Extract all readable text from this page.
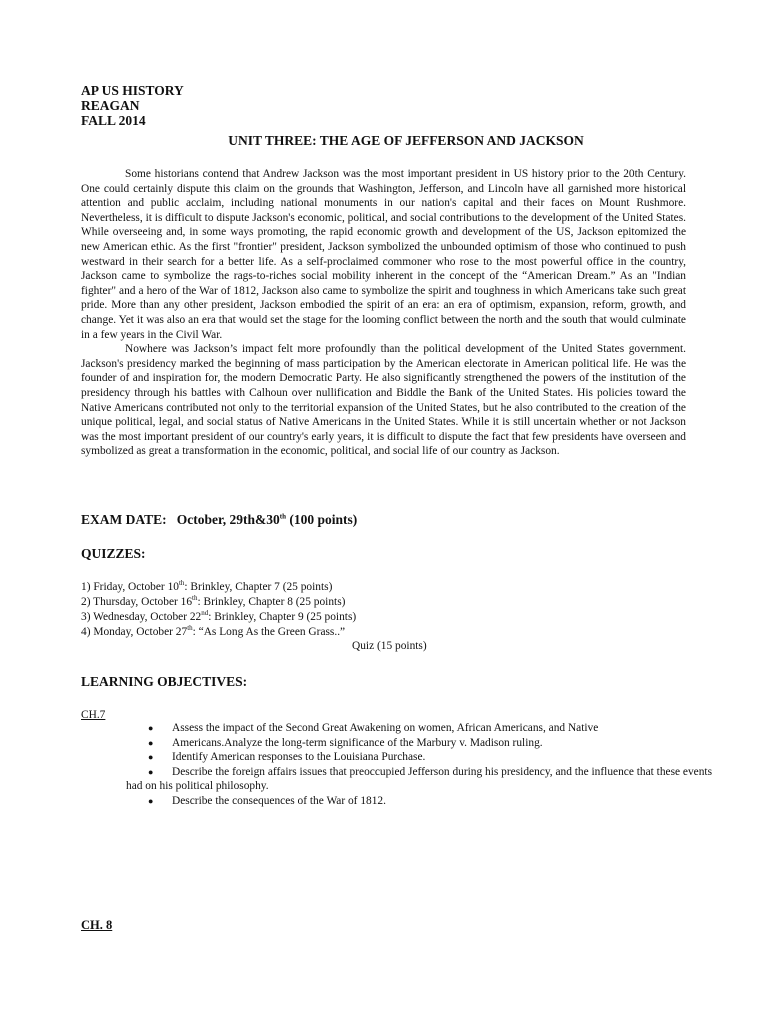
AP US HISTORY
REAGAN
FALL 2014
UNIT THREE: THE AGE OF JEFFERSON AND JACKSON

Some historians contend that Andrew Jackson was the most important president in US history prior to the 20th Century. One could certainly dispute this claim on the grounds that Washington, Jefferson, and Lincoln have all garnished more historical attention and public acclaim, including national monuments in our nation's capital and their faces on Mount Rushmore. Nevertheless, it is difficult to dispute Jackson's economic, political, and social contributions to the development of the United States. While overseeing and, in some ways promoting, the rapid economic growth and development of the US, Jackson epitomized the new American ethic. As the first "frontier" president, Jackson symbolized the unbounded optimism of those who continued to push westward in their search for a better life. As a self-proclaimed commoner who rose to the most powerful office in the country, Jackson came to symbolize the rags-to-riches social mobility inherent in the concept of the “American Dream.” As an "Indian fighter" and a hero of the War of 1812, Jackson also came to symbolize the spirit and toughness in which Americans take such great pride. More than any other president, Jackson embodied the spirit of an era: an era of optimism, expansion, reform, growth, and change. Yet it was also an era that would set the stage for the looming conflict between the north and the south that would culminate in a few years in the Civil War.

Nowhere was Jackson’s impact felt more profoundly than the political development of the United States government. Jackson's presidency marked the beginning of mass participation by the American electorate in American political life. He was the founder of and inspiration for, the modern Democratic Party. He also significantly strengthened the powers of the institution of the presidency through his battles with Calhoun over nullification and Biddle the Bank of the United States. His policies toward the Native Americans contributed not only to the territorial expansion of the United States, but he also contributed to the creation of the unique political, legal, and social status of Native Americans in the United States. While it is still uncertain whether or not Jackson was the most important president of our country's early years, it is difficult to dispute the fact that few presidents have overseen and symbolized as great a transformation in the economic, political, and social life of our country as Jackson.

EXAM DATE: October, 29th&30th (100 points)
QUIZZES:
1) Friday, October 10th: Brinkley, Chapter 7 (25 points)
2) Thursday, October 16th: Brinkley, Chapter 8 (25 points)
3) Wednesday, October 22nd: Brinkley, Chapter 9 (25 points)
4) Monday, October 27th: “As Long As the Green Grass..”
Quiz (15 points)
LEARNING OBJECTIVES:
CH.7
● Assess the impact of the Second Great Awakening on women, African Americans, and Native
● Americans.Analyze the long-term significance of the Marbury v. Madison ruling.
● Identify American responses to the Louisiana Purchase.
● Describe the foreign affairs issues that preoccupied Jefferson during his presidency, and the influence that these events had on his political philosophy.
● Describe the consequences of the War of 1812.
CH. 8
